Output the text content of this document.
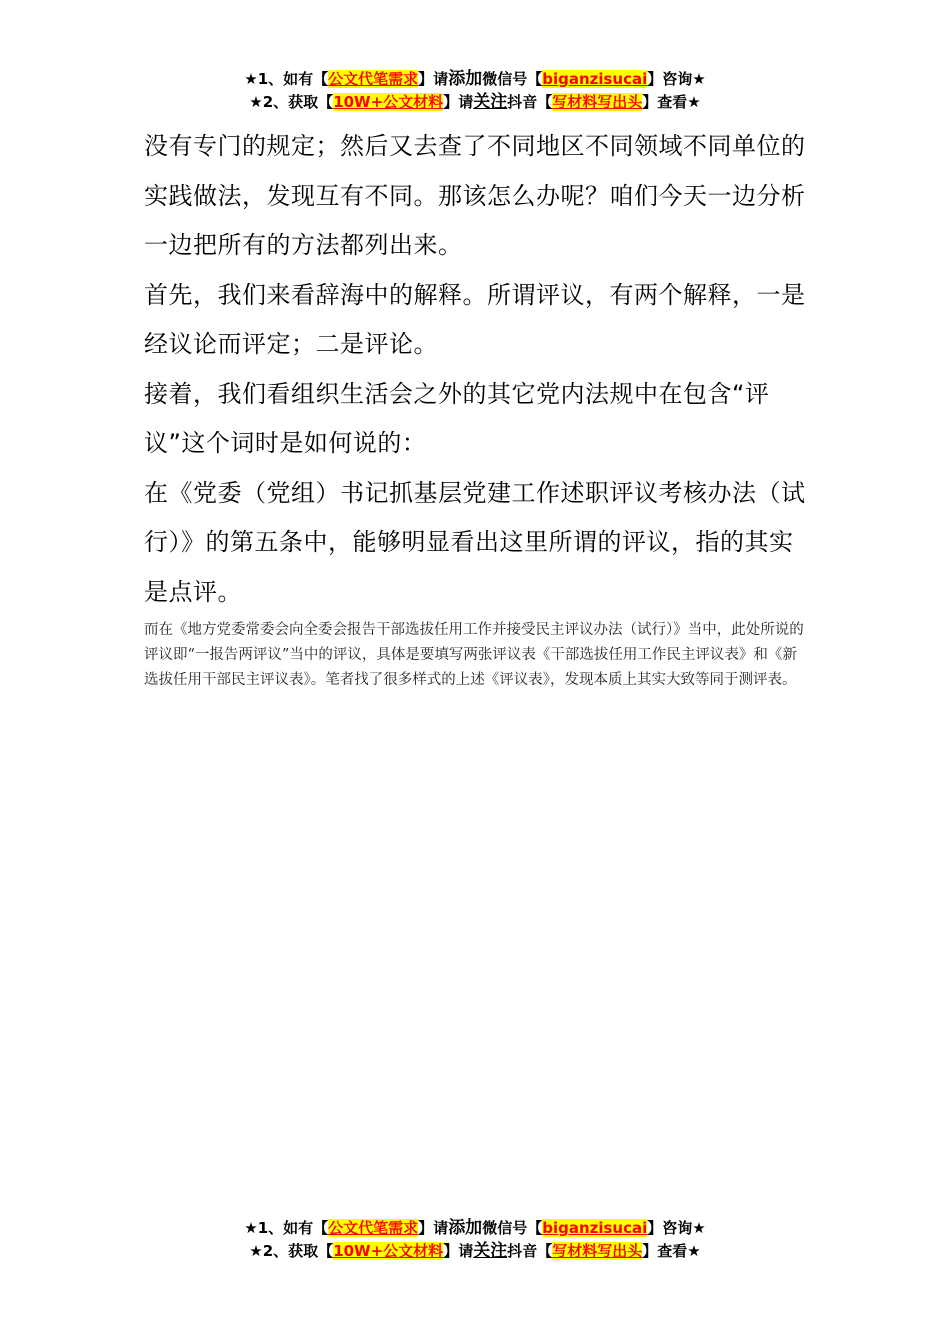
★1、如有【公文代笔需求】请添加微信号【biganzisucai】咨询★
★2、获取【10W+公文材料】请关注抖音【写材料写出头】查看★

没有专门的规定；然后又去查了不同地区不同领域不同单位的实践做法，发现互有不同。那该怎么办呢？咱们今天一边分析一边把所有的方法都列出来。

首先，我们来看辞海中的解释。所谓评议，有两个解释，一是经议论而评定；二是评论。

接着，我们看组织生活会之外的其它党内法规中在包含“评议”这个词时是如何说的：

在《党委（党组）书记抓基层党建工作述职评议考核办法（试行）》的第五条中，能够明显看出这里所谓的评议，指的其实是点评。

而在《地方党委常委会向全委会报告干部选拔任用工作并接受民主评议办法（试行）》当中，此处所说的评议即“一报告两评议”当中的评议，具体是要填写两张评议表《干部选拔任用工作民主评议表》和《新选拔任用干部民主评议表》。笔者找了很多样式的上述《评议表》，发现本质上其实大致等同于测评表。

★1、如有【公文代笔需求】请添加微信号【biganzisucai】咨询★
★2、获取【10W+公文材料】请关注抖音【写材料写出头】查看★
